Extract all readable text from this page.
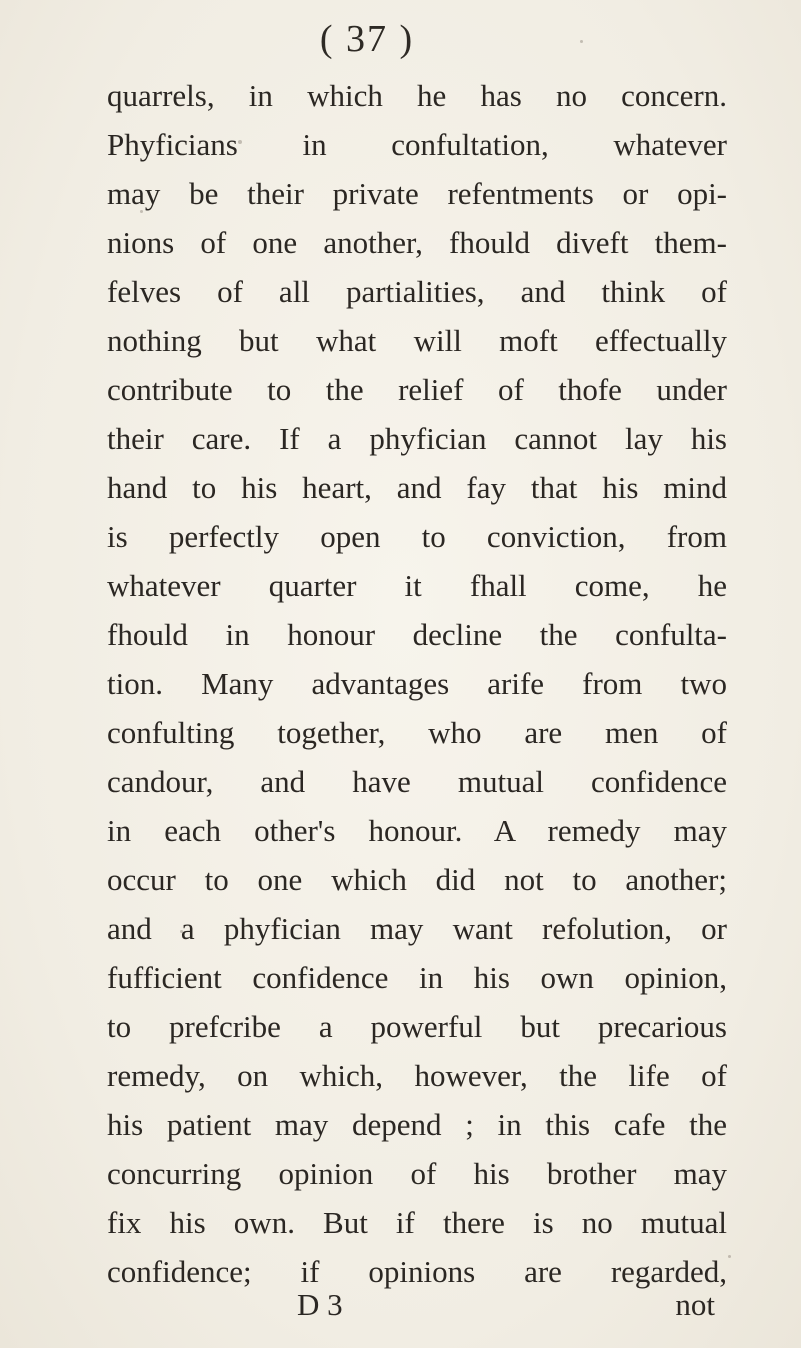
( 37 )
quarrels, in which he has no concern.
Phyficians in confultation, whatever
may be their private refentments or opi-
nions of one another, fhould diveft them-
felves of all partialities, and think of
nothing but what will moft effectually
contribute to the relief of thofe under
their care. If a phyfician cannot lay his
hand to his heart, and fay that his mind
is perfectly open to conviction, from
whatever quarter it fhall come, he
fhould in honour decline the confulta-
tion. Many advantages arife from two
confulting together, who are men of
candour, and have mutual confidence
in each other's honour. A remedy may
occur to one which did not to another;
and a phyfician may want refolution, or
fufficient confidence in his own opinion,
to prefcribe a powerful but precarious
remedy, on which, however, the life of
his patient may depend ; in this cafe the
concurring opinion of his brother may
fix his own. But if there is no mutual
confidence; if opinions are regarded,
D 3	not
